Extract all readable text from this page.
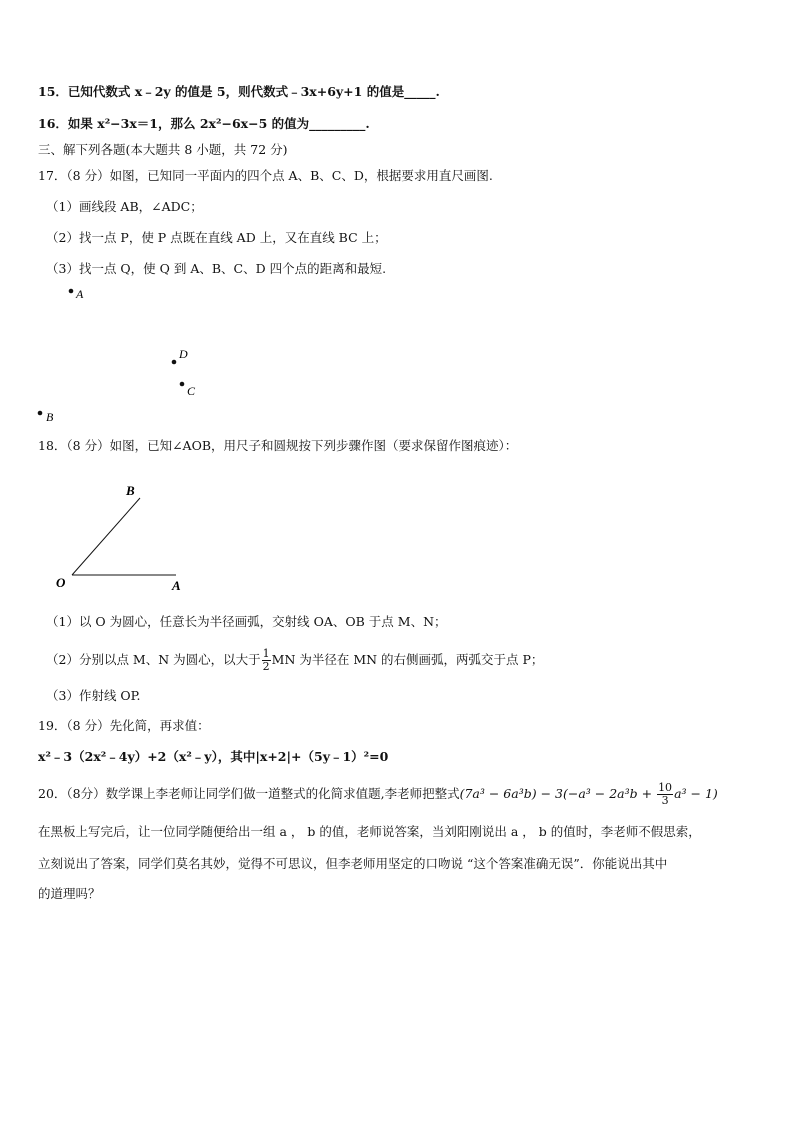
15．已知代数式 x﹣2y 的值是 5，则代数式﹣3x+6y+1 的值是_____.
16．如果 x²−3x＝1，那么 2x²−6x−5 的值为_________.
三、解下列各题(本大题共 8 小题，共 72 分)
17．（8 分）如图，已知同一平面内的四个点 A、B、C、D，根据要求用直尺画图.
（1）画线段 AB，∠ADC；
（2）找一点 P，使 P 点既在直线 AD 上，又在直线 BC 上；
（3）找一点 Q，使 Q 到 A、B、C、D 四个点的距离和最短.
A
D
C
B
18．（8 分）如图，已知∠AOB，用尺子和圆规按下列步骤作图（要求保留作图痕迹）：
O	A
B
（1）以 O 为圆心，任意长为半径画弧，交射线 OA、OB 于点 M、N；
（2）分别以点 M、N 为圆心，以大于 $\frac{1}{2}$ MN 为半径在 MN 的右侧画弧，两弧交于点 P；
（3）作射线 OP.
19．（8 分）先化简，再求值：
x²﹣3（2x²﹣4y）+2（x²﹣y），其中|x+2|+（5y﹣1）²=0
20．（8分）数学课上李老师让同学们做一道整式的化简求值题,李老师把整式$(7a^3 - 6a^3b) - 3(-a^3 - 2a^3b + \frac{10}{3} a^3 - 1)$
在黑板上写完后，让一位同学随便给出一组 a ， b 的值，老师说答案，当刘阳刚说出 a ， b 的值时，李老师不假思索，
立刻说出了答案，同学们莫名其妙，觉得不可思议，但李老师用坚定的口吻说 “这个答案准确无误”．你能说出其中
的道理吗？
